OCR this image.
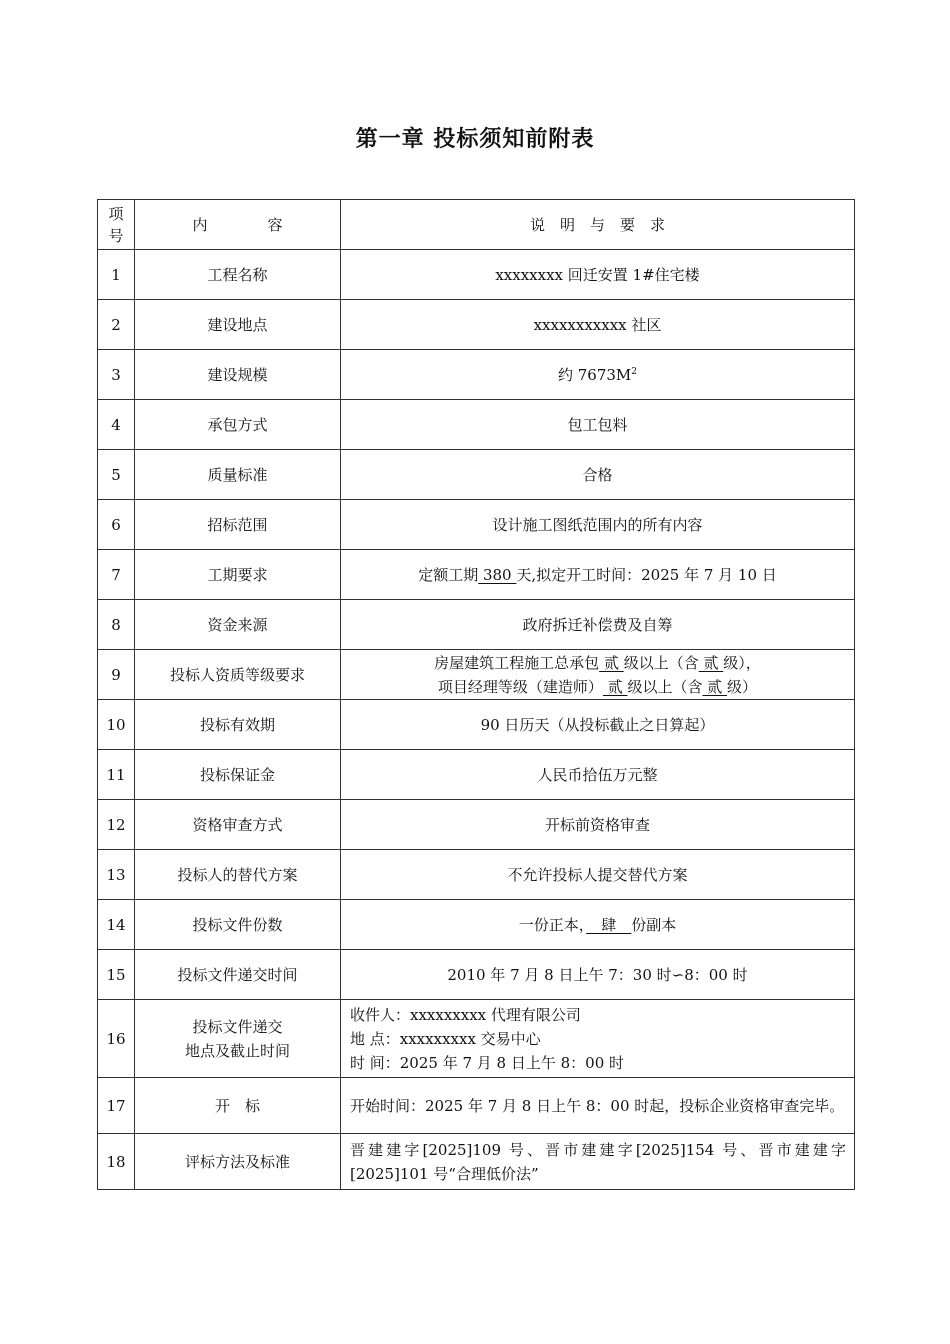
第一章 投标须知前附表
项
号	内　　　　容	说　明　与　要　求
1	工程名称	xxxxxxxx 回迁安置 1#住宅楼
2	建设地点	xxxxxxxxxxx 社区
3	建设规模	约 $7673M^2$
4	承包方式	包工包料
5	质量标准	合格
6	招标范围	设计施工图纸范围内的所有内容
7	工期要求	定额工期 380 天,拟定开工时间：2025 年 7 月 10 日
8	资金来源	政府拆迁补偿费及自筹
9	投标人资质等级要求	房屋建筑工程施工总承包 贰 级以上（含 贰 级），
项目经理等级（建造师） 贰 级以上（含 贰 级）

10	投标有效期	90 日历天（从投标截止之日算起）
11	投标保证金	人民币拾伍万元整
12	资格审查方式	开标前资格审查
13	投标人的替代方案	不允许投标人提交替代方案
14	投标文件份数	一份正本，　肆　份副本
15	投标文件递交时间	2010 年 7 月 8 日上午 7：30 时∽8：00 时
16	投标文件递交
地点及截止时间	收件人：xxxxxxxxx 代理有限公司
地 点：xxxxxxxxx 交易中心
时 间：2025 年 7 月 8 日上午 8：00 时

17	开　标	开始时间：2025 年 7 月 8 日上午 8：00 时起，投标企业资格审查完毕。
18	评标方法及标准	晋建建字[2025]109 号、晋市建建字[2025]154 号、晋市建建字[2025]101 号“合理低价法”
